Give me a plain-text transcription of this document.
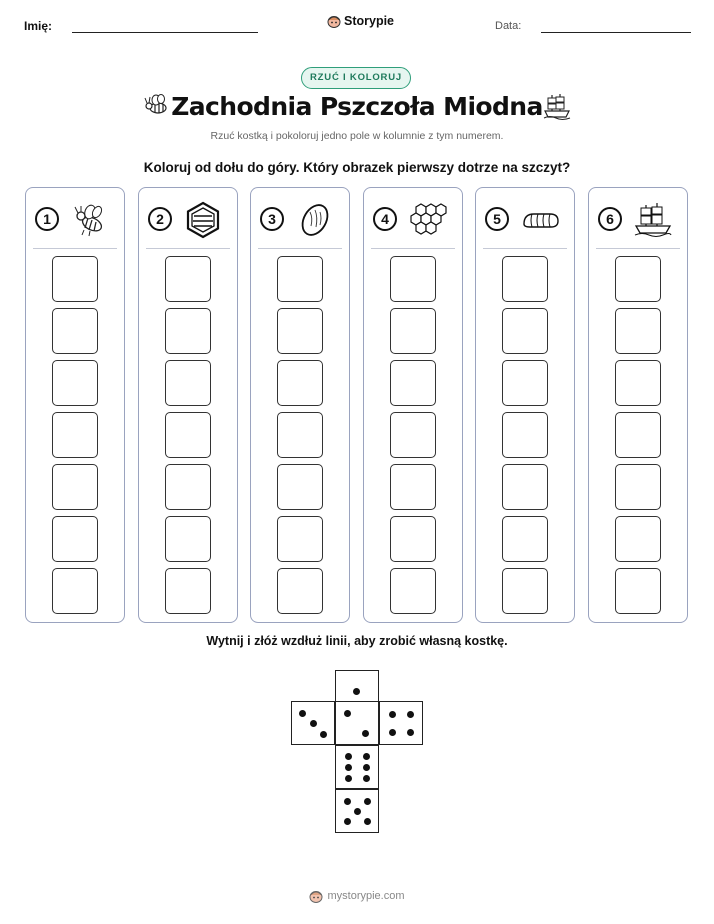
Imię:	Storypie	Data:
RZUĆ I KOLORUJ
Zachodnia Pszczoła Miodna
Rzuć kostką i pokoloruj jedno pole w kolumnie z tym numerem.
Koloruj od dołu do góry. Który obrazek pierwszy dotrze na szczyt?
1	2	3	4	5	6
Wytnij i złóż wzdłuż linii, aby zrobić własną kostkę.
mystorypie.com
